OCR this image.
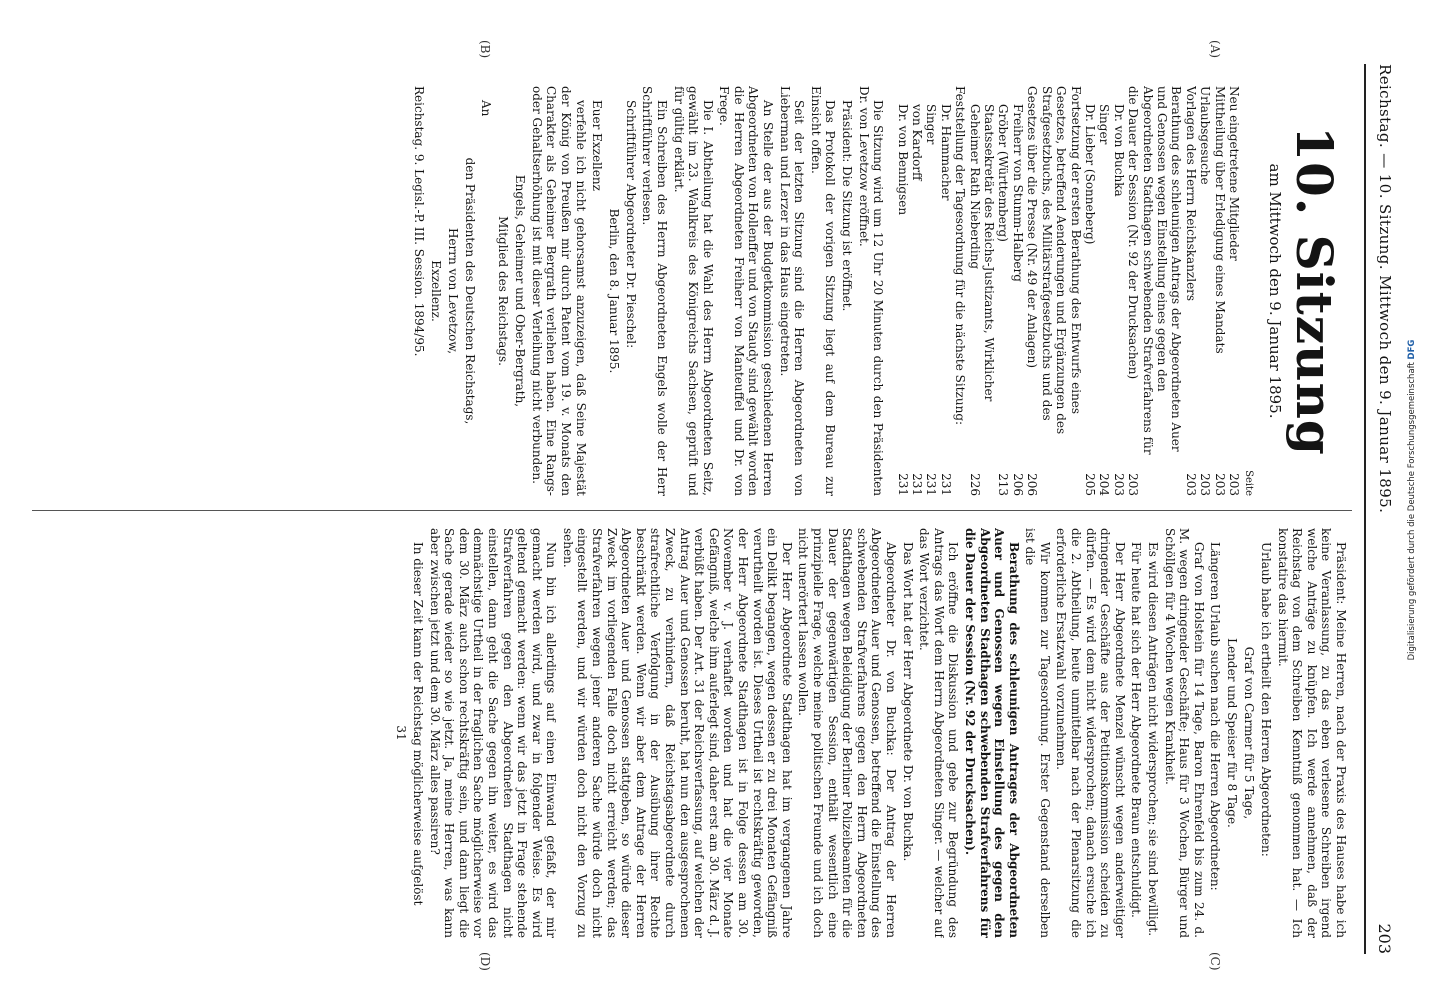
Reichstag. — 10. Sitzung. Mittwoch den 9. Januar 1895.
203
(A)
(B)
(C)
(D)
10. Sitzung
am Mittwoch den 9. Januar 1895.
Seite
Neu eingetretene Mitglieder
203
Mittheilung über Erledigung eines Mandats
203
Urlaubsgesuche
203
Vorlagen des Herrn Reichskanzlers
203
Berathung des schleunigen Antrags der Abgeordneten Auer und Genossen wegen Einstellung eines gegen den Abgeordneten Stadthagen schwebenden Strafverfahrens für die Dauer der Session (Nr. 92 der Drucksachen)
203
Dr. von Buchka
203
Singer
204
Dr. Lieber (Sonneberg)
205
Fortsetzung der ersten Berathung des Entwurfs eines Gesetzes, betreffend Aenderungen und Ergänzungen des Strafgesetzbuchs, des Militärstrafgesetzbuchs und des Gesetzes über die Presse (Nr. 49 der Anlagen)
206
Freiherr von Stumm-Halberg
206
Gröber (Württemberg)
213
Staatssekretär des Reichs-Justizamts, Wirklicher Geheimer Rath Nieberding
226
Feststellung der Tagesordnung für die nächste Sitzung:
Dr. Hammacher
231
Singer
231
von Kardorff
231
Dr. von Bennigsen
231
Die Sitzung wird um 12 Uhr 20 Minuten durch den Präsidenten Dr. von Levetzow eröffnet.
Präsident: Die Sitzung ist eröffnet.
Das Protokoll der vorigen Sitzung liegt auf dem Bureau zur Einsicht offen.
Seit der letzten Sitzung sind die Herren Abgeordneten von Lieberman und Lerzer in das Haus eingetreten.
An Stelle der aus der Budgetkommission geschiedenen Herren Abgeordneten von Hollenffer und von Staudy sind gewählt worden die Herren Abgeordneten Freiherr von Manteuffel und Dr. von Frege.
Die I. Abtheilung hat die Wahl des Herrn Abgeordneten Seitz, gewählt im 23. Wahlkreis des Königreichs Sachsen, geprüft und für gültig erklärt.
Ein Schreiben des Herrn Abgeordneten Engels wolle der Herr Schriftführer verlesen.
Schriftführer Abgeordneter Dr. Pieschel:
Berlin, den 8. Januar 1895.
Euer Exzellenz
verfehle ich nicht gehorsamst anzuzeigen, daß Seine Majestät der König von Preußen mir durch Patent vom 19. v. Monats den Charakter als Geheimer Bergrath verliehen haben. Eine Rangs- oder Gehaltserhöhung ist mit dieser Verleihung nicht verbunden.
Engels, Geheimer und Ober-Bergrath,
Mitglied des Reichstags.
An
den Präsidenten des Deutschen Reichstags,
Herrn von Levetzow,
Exzellenz.
Reichstag. 9. Legisl.-P. III. Session. 1894/95.
Präsident: Meine Herren, nach der Praxis des Hauses habe ich keine Veranlassung, zu das eben verlesene Schreiben irgend welche Anträge zu knüpfen. Ich werde annehmen, daß der Reichstag von dem Schreiben Kenntniß genommen hat. — Ich konstatire das hiermit.
Urlaub habe ich ertheilt den Herren Abgeordneten:
Graf von Carmer für 5 Tage,
Lender und Speiser für 8 Tage.
Längeren Urlaub suchen nach die Herren Abgeordneten:
Graf von Holstein für 14 Tage, Baron Ehrenfeld bis zum 24. d. M. wegen dringender Geschäfte; Haus für 3 Wochen, Bürger und Schöllgen für 4 Wochen wegen Krankheit.
Es wird diesen Anträgen nicht widersprochen; sie sind bewilligt.
Für heute hat sich der Herr Abgeordnete Braun entschuldigt.
Der Herr Abgeordnete Menzel wünscht wegen anderweitiger dringender Geschäfte aus der Petitionskommission scheiden zu dürfen. — Es wird dem nicht widersprochen; danach ersuche ich die 2. Abtheilung, heute unmittelbar nach der Plenarsitzung die erforderliche Ersatzwahl vorzunehmen.
Wir kommen zur Tagesordnung. Erster Gegenstand derselben ist die
Berathung des schleunigen Antrages der Abgeordneten Auer und Genossen wegen Einstellung des gegen den Abgeordneten Stadthagen schwebenden Strafverfahrens für die Dauer der Session (Nr. 92 der Drucksachen).
Ich eröffne die Diskussion und gebe zur Begründung des Antrags das Wort dem Herrn Abgeordneten Singer. — welcher auf das Wort verzichtet.
Das Wort hat der Herr Abgeordnete Dr. von Buchka.
Abgeordneter Dr. von Buchka: Der Antrag der Herren Abgeordneten Auer und Genossen, betreffend die Einstellung des schwebenden Strafverfahrens gegen den Herrn Abgeordneten Stadthagen wegen Beleidigung der Berliner Polizeibeamten für die Dauer der gegenwärtigen Session, enthält wesentlich eine prinzipielle Frage, welche meine politischen Freunde und ich doch nicht unerörtert lassen wollen.
Der Herr Abgeordnete Stadthagen hat im vergangenen Jahre ein Delikt begangen, wegen dessen er zu drei Monaten Gefängniß verurtheilt worden ist. Dieses Urtheil ist rechtskräftig geworden, der Herr Abgeordnete Stadthagen ist in Folge dessen am 30. November v. J. verhaftet worden und hat die vier Monate Gefängniß, welche ihm auferlegt sind, daher erst am 30. März d. J. verbüßt haben. Der Art. 31 der Reichsverfassung, auf welchen der Antrag Auer und Genossen beruht, hat nun den ausgesprochenen Zweck, zu verhindern, daß Reichstagsabgeordnete durch strafrechtliche Verfolgung in der Ausübung ihrer Rechte beschränkt werden. Wenn wir aber dem Antrage der Herren Abgeordneten Auer und Genossen stattgeben, so würde dieser Zweck im vorliegenden Falle doch nicht erreicht werden; das Strafverfahren wegen jener anderen Sache würde doch nicht eingestellt werden, und wir würden doch nicht den Vorzug zu sehen.
Nun bin ich allerdings auf einen Einwand gefaßt, der mir gemacht werden wird, und zwar in folgender Weise. Es wird geltend gemacht werden: wenn wir das jetzt in Frage stehende Strafverfahren gegen den Abgeordneten Stadthagen nicht einstellen, dann geht die Sache gegen ihn weiter, es wird das demnächstige Urtheil in der fraglichen Sache möglicherweise vor dem 30. März auch schon rechtskräftig sein, und dann liegt die Sache gerade wieder so wie jetzt. Ja, meine Herren, was kann aber zwischen jetzt und dem 30. März alles passiren?
In dieser Zeit kann der Reichstag möglicherweise aufgelöst
31
Digitalisierung gefördert durch die Deutsche Forschungsgemeinschaft DFG
